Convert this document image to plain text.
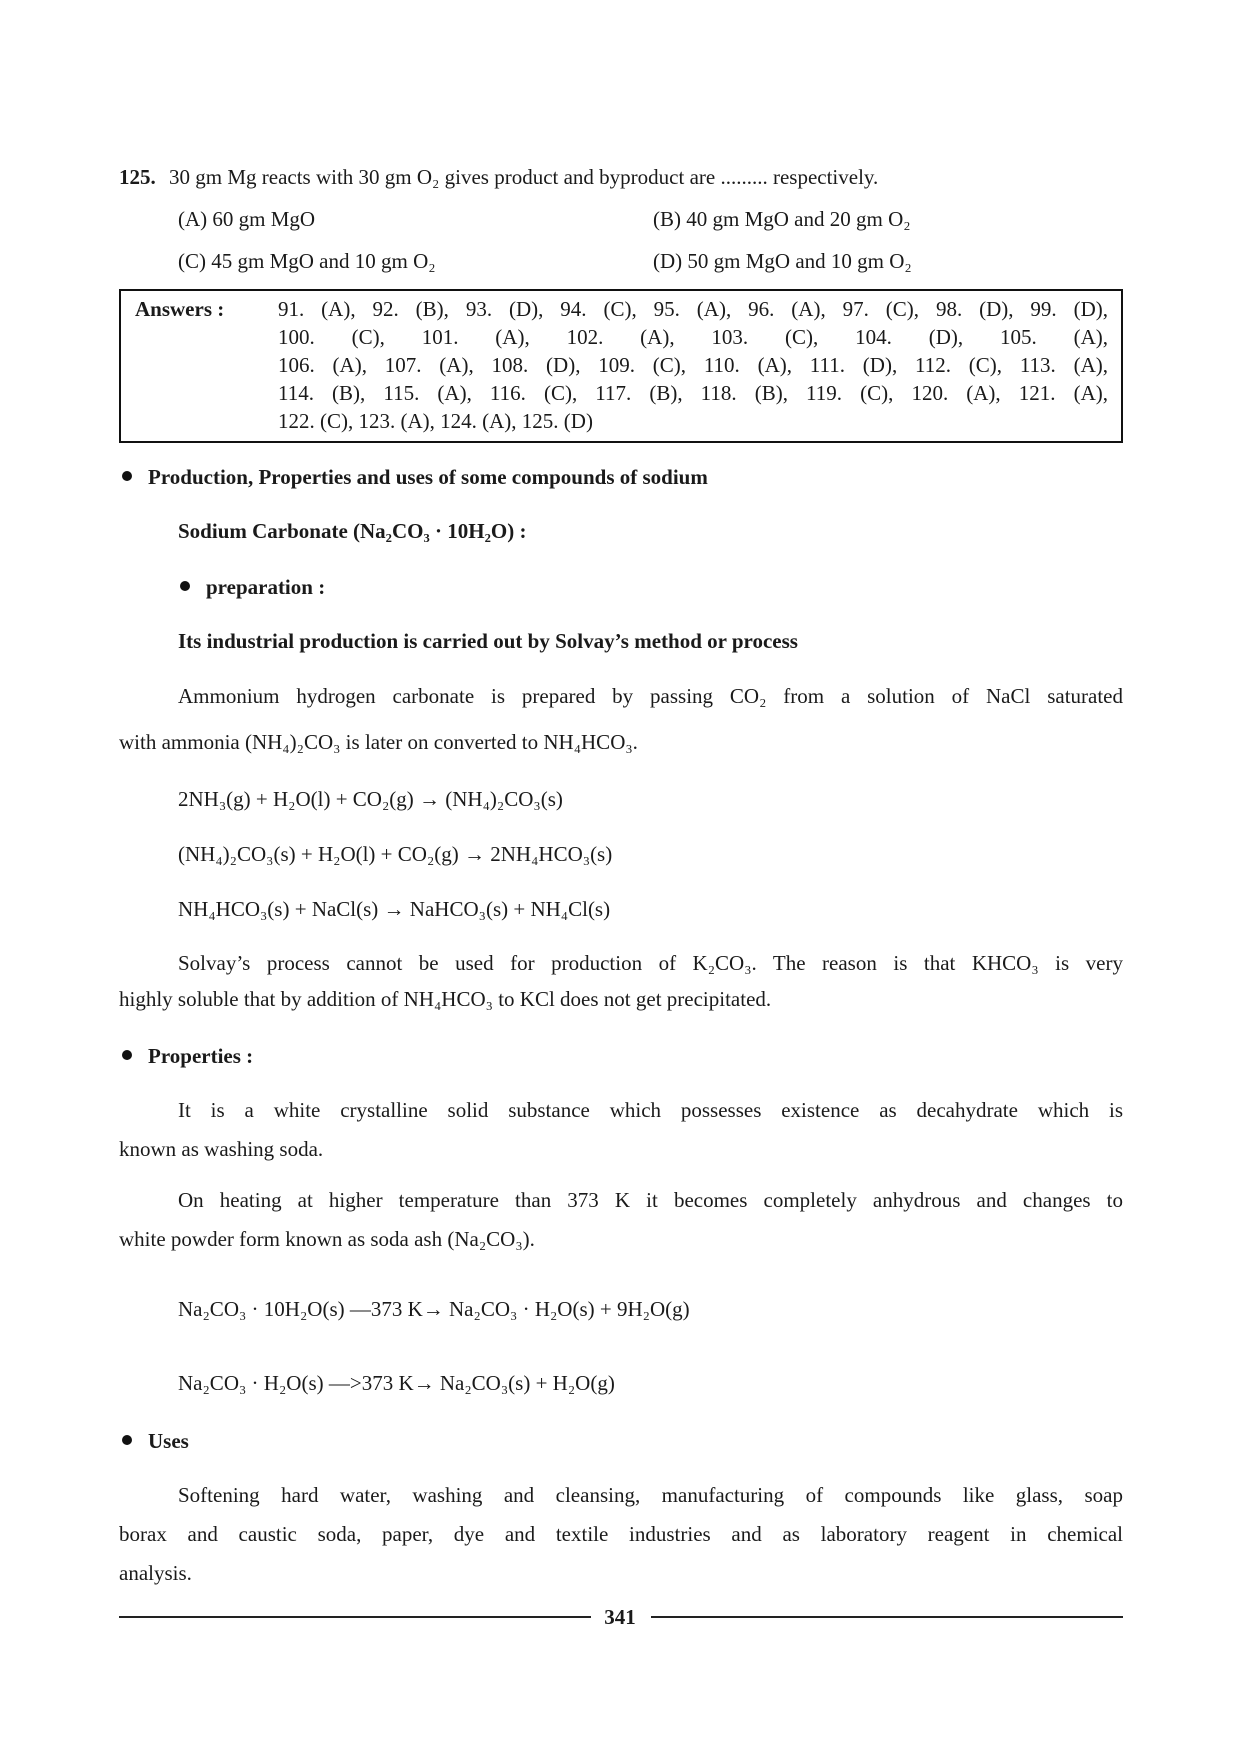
125. 30 gm Mg reacts with 30 gm O₂ gives product and byproduct are ......... respectively.
(A) 60 gm MgO	(B) 40 gm MgO and 20 gm O₂
(C) 45 gm MgO and 10 gm O₂	(D) 50 gm MgO and 10 gm O₂
Answers :	91. (A), 92. (B), 93. (D), 94. (C), 95. (A), 96. (A), 97. (C), 98. (D), 99. (D),
100. (C), 101. (A), 102. (A), 103. (C), 104. (D), 105. (A),
106. (A), 107. (A), 108. (D), 109. (C), 110. (A), 111. (D), 112. (C), 113. (A),
114. (B), 115. (A), 116. (C), 117. (B), 118. (B), 119. (C), 120. (A), 121. (A),
122. (C), 123. (A), 124. (A), 125. (D)
Production, Properties and uses of some compounds of sodium
Sodium Carbonate (Na₂CO₃ · 10H₂O) :
preparation :
Its industrial production is carried out by Solvay’s method or process
Ammonium hydrogen carbonate is prepared by passing CO₂ from a solution of NaCl saturated
with ammonia (NH₄)₂CO₃ is later on converted to NH₄HCO₃.
2NH₃(g) + H₂O(l) + CO₂(g) → (NH₄)₂CO₃(s)
(NH₄)₂CO₃(s) + H₂O(l) + CO₂(g) → 2NH₄HCO₃(s)
NH₄HCO₃(s) + NaCl(s) → NaHCO₃(s) + NH₄Cl(s)
Solvay’s process cannot be used for production of K₂CO₃. The reason is that KHCO₃ is very
highly soluble that by addition of NH₄HCO₃ to KCl does not get precipitated.
Properties :
It is a white crystalline solid substance which possesses existence as decahydrate which is
known as washing soda.
On heating at higher temperature than 373 K it becomes completely anhydrous and changes to
white powder form known as soda ash (Na₂CO₃).
Na₂CO₃ · 10H₂O(s) —373 K→ Na₂CO₃ · H₂O(s) + 9H₂O(g)
Na₂CO₃ · H₂O(s) —>373 K→ Na₂CO₃(s) + H₂O(g)
Uses
Softening hard water, washing and cleansing, manufacturing of compounds like glass, soap
borax and caustic soda, paper, dye and textile industries and as laboratory reagent in chemical
analysis.
341
